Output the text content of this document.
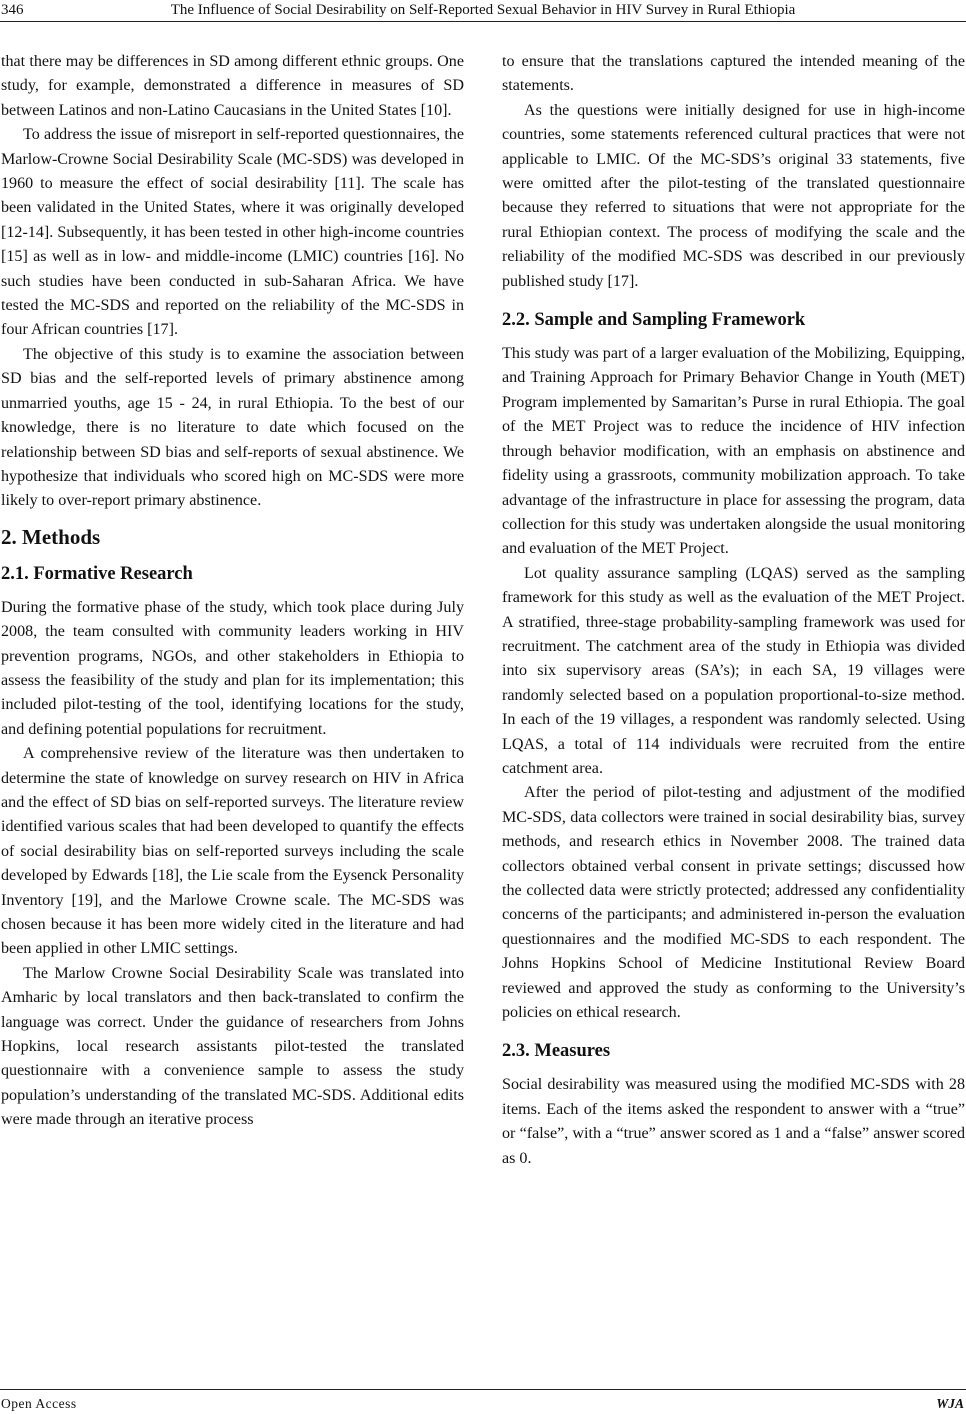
346	The Influence of Social Desirability on Self-Reported Sexual Behavior in HIV Survey in Rural Ethiopia

that there may be differences in SD among different ethnic groups. One study, for example, demonstrated a difference in measures of SD between Latinos and non-Latino Caucasians in the United States [10].

To address the issue of misreport in self-reported questionnaires, the Marlow-Crowne Social Desirability Scale (MC-SDS) was developed in 1960 to measure the effect of social desirability [11]. The scale has been validated in the United States, where it was originally developed [12-14]. Subsequently, it has been tested in other high-income countries [15] as well as in low- and middle-income (LMIC) countries [16]. No such studies have been conducted in sub-Saharan Africa. We have tested the MC-SDS and reported on the reliability of the MC-SDS in four African countries [17].

The objective of this study is to examine the association between SD bias and the self-reported levels of primary abstinence among unmarried youths, age 15 - 24, in rural Ethiopia. To the best of our knowledge, there is no literature to date which focused on the relationship between SD bias and self-reports of sexual abstinence. We hypothesize that individuals who scored high on MC-SDS were more likely to over-report primary abstinence.

2. Methods
2.1. Formative Research

During the formative phase of the study, which took place during July 2008, the team consulted with community leaders working in HIV prevention programs, NGOs, and other stakeholders in Ethiopia to assess the feasibility of the study and plan for its implementation; this included pilot-testing of the tool, identifying locations for the study, and defining potential populations for recruitment.

A comprehensive review of the literature was then undertaken to determine the state of knowledge on survey research on HIV in Africa and the effect of SD bias on self-reported surveys. The literature review identified various scales that had been developed to quantify the effects of social desirability bias on self-reported surveys including the scale developed by Edwards [18], the Lie scale from the Eysenck Personality Inventory [19], and the Marlowe Crowne scale. The MC-SDS was chosen because it has been more widely cited in the literature and had been applied in other LMIC settings.

The Marlow Crowne Social Desirability Scale was translated into Amharic by local translators and then back-translated to confirm the language was correct. Under the guidance of researchers from Johns Hopkins, local research assistants pilot-tested the translated questionnaire with a convenience sample to assess the study population’s understanding of the translated MC-SDS. Additional edits were made through an iterative process

to ensure that the translations captured the intended meaning of the statements.

As the questions were initially designed for use in high-income countries, some statements referenced cultural practices that were not applicable to LMIC. Of the MC-SDS’s original 33 statements, five were omitted after the pilot-testing of the translated questionnaire because they referred to situations that were not appropriate for the rural Ethiopian context. The process of modifying the scale and the reliability of the modified MC-SDS was described in our previously published study [17].

2.2. Sample and Sampling Framework

This study was part of a larger evaluation of the Mobilizing, Equipping, and Training Approach for Primary Behavior Change in Youth (MET) Program implemented by Samaritan’s Purse in rural Ethiopia. The goal of the MET Project was to reduce the incidence of HIV infection through behavior modification, with an emphasis on abstinence and fidelity using a grassroots, community mobilization approach. To take advantage of the infrastructure in place for assessing the program, data collection for this study was undertaken alongside the usual monitoring and evaluation of the MET Project.

Lot quality assurance sampling (LQAS) served as the sampling framework for this study as well as the evaluation of the MET Project. A stratified, three-stage probability-sampling framework was used for recruitment. The catchment area of the study in Ethiopia was divided into six supervisory areas (SA’s); in each SA, 19 villages were randomly selected based on a population proportional-to-size method. In each of the 19 villages, a respondent was randomly selected. Using LQAS, a total of 114 individuals were recruited from the entire catchment area.

After the period of pilot-testing and adjustment of the modified MC-SDS, data collectors were trained in social desirability bias, survey methods, and research ethics in November 2008. The trained data collectors obtained verbal consent in private settings; discussed how the collected data were strictly protected; addressed any confidentiality concerns of the participants; and administered in-person the evaluation questionnaires and the modified MC-SDS to each respondent. The Johns Hopkins School of Medicine Institutional Review Board reviewed and approved the study as conforming to the University’s policies on ethical research.

2.3. Measures

Social desirability was measured using the modified MC-SDS with 28 items. Each of the items asked the respondent to answer with a “true” or “false”, with a “true” answer scored as 1 and a “false” answer scored as 0.

Open Access	WJA
